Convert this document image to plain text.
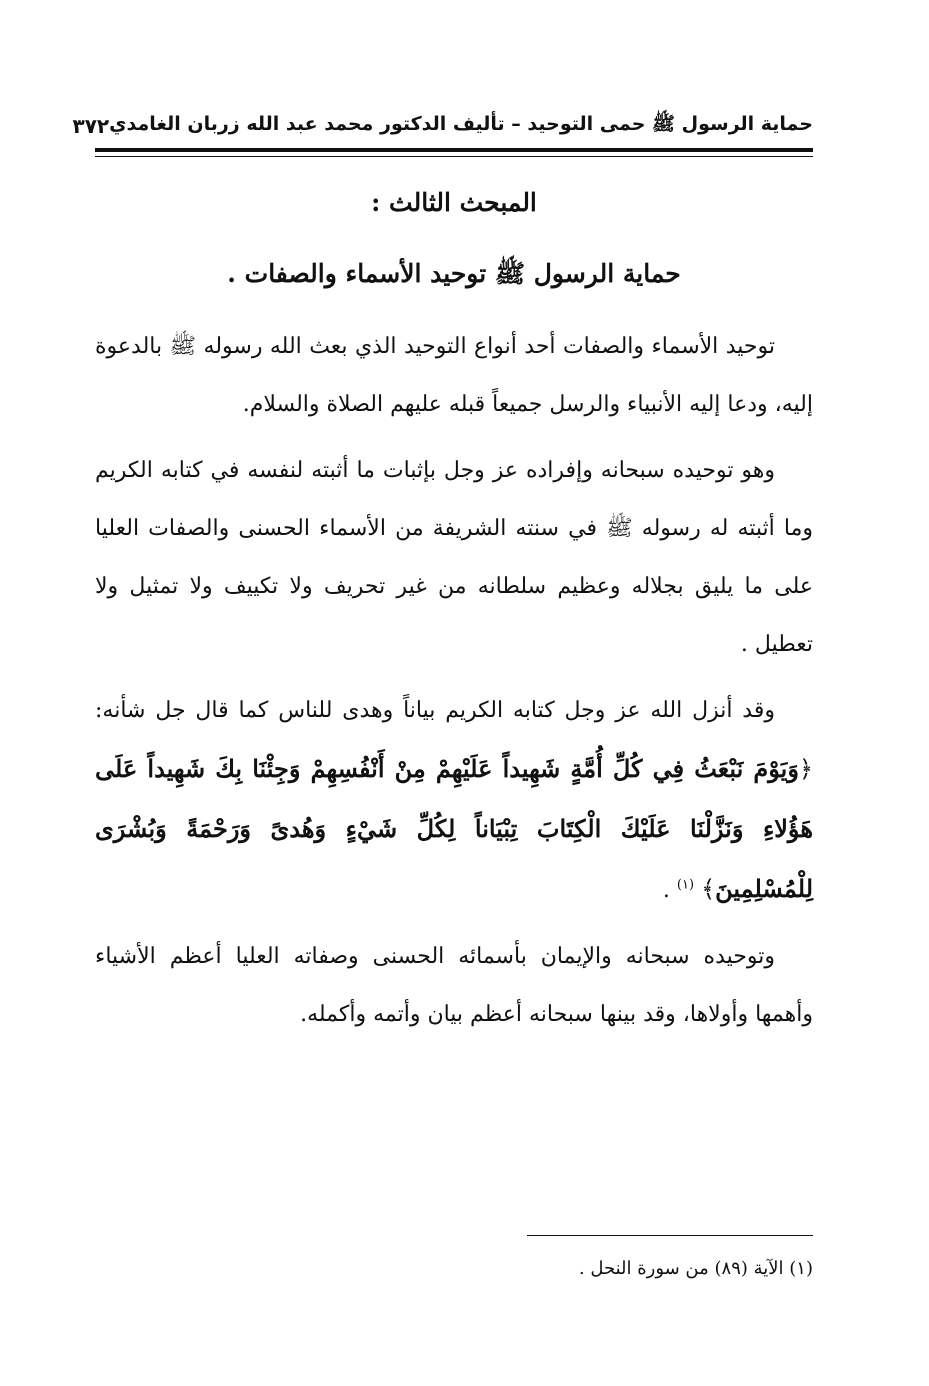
حماية الرسول ﷺ حمى التوحيد – تأليف الدكتور محمد عبد الله زربان الغامدي
٣٧٢
المبحث الثالث :
حماية الرسول ﷺ توحيد الأسماء والصفات .

توحيد الأسماء والصفات أحد أنواع التوحيد الذي بعث الله رسوله ﷺ بالدعوة إليه، ودعا إليه الأنبياء والرسل جميعاً قبله عليهم الصلاة والسلام.

وهو توحيده سبحانه وإفراده عز وجل بإثبات ما أثبته لنفسه في كتابه الكريم وما أثبته له رسوله ﷺ في سنته الشريفة من الأسماء الحسنى والصفات العليا على ما يليق بجلاله وعظيم سلطانه من غير تحريف ولا تكييف ولا تمثيل ولا تعطيل .

وقد أنزل الله عز وجل كتابه الكريم بياناً وهدى للناس كما قال جل شأنه: ﴿وَيَوْمَ نَبْعَثُ فِي كُلِّ أُمَّةٍ شَهِيداً عَلَيْهِمْ مِنْ أَنْفُسِهِمْ وَجِئْنَا بِكَ شَهِيداً عَلَى هَؤُلاءِ وَنَزَّلْنَا عَلَيْكَ الْكِتَابَ تِبْيَاناً لِكُلِّ شَيْءٍ وَهُدىً وَرَحْمَةً وَبُشْرَى لِلْمُسْلِمِينَ﴾ $^{(١)}$ .

وتوحيده سبحانه والإيمان بأسمائه الحسنى وصفاته العليا أعظم الأشياء وأهمها وأولاها، وقد بينها سبحانه أعظم بيان وأتمه وأكمله.

(١) الآية (٨٩) من سورة النحل .
